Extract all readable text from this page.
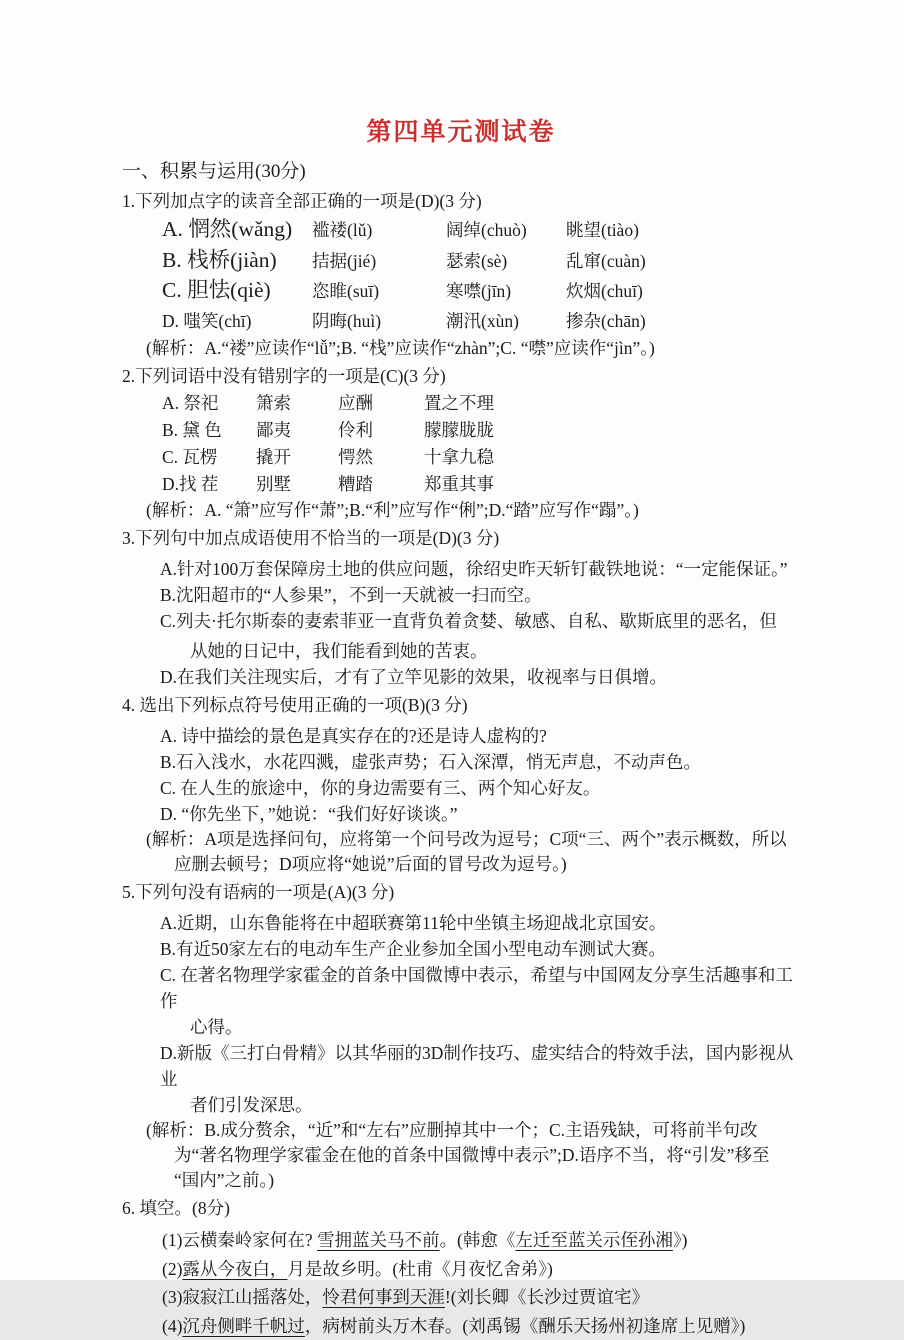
第四单元测试卷
一、积累与运用(30分)
1.下列加点字的读音全部正确的一项是(D)(3 分)
A. 惘然(wǎng)	褴褛(lǔ)	阔绰(chuò)	眺望(tiào)
B. 栈桥(jiàn)	拮据(jié)	瑟索(sè)	乱窜(cuàn)
C. 胆怯(qiè)	恣睢(suī)	寒噤(jīn)	炊烟(chuī)
D. 嗤笑(chī)	阴晦(huì)	潮汛(xùn)	掺杂(chān)
(解析：A.“褛”应读作“lǚ”;B. “栈”应读作“zhàn”;C. “噤”应读作“jìn”。)
2.下列词语中没有错别字的一项是(C)(3 分)
A. 祭祀	箫索	应酬	置之不理
B. 黛 色	鄙夷	伶利	朦朦胧胧
C. 瓦楞	撬开	愕然	十拿九稳
D.找 茬	别墅	糟踏	郑重其事
(解析：A. “箫”应写作“萧”;B.“利”应写作“俐”;D.“踏”应写作“蹋”。)
3.下列句中加点成语使用不恰当的一项是(D)(3 分)
A.针对100万套保障房土地的供应问题，徐绍史昨天斩钉截铁地说：“一定能保证。”
B.沈阳超市的“人参果”，不到一天就被一扫而空。
C.列夫·托尔斯泰的妻索菲亚一直背负着贪婪、敏感、自私、歇斯底里的恶名，但
从她的日记中，我们能看到她的苦衷。
D.在我们关注现实后，才有了立竿见影的效果，收视率与日俱增。
4. 选出下列标点符号使用正确的一项(B)(3 分)
A. 诗中描绘的景色是真实存在的?还是诗人虚构的?
B.石入浅水，水花四溅，虚张声势；石入深潭，悄无声息，不动声色。
C. 在人生的旅途中，你的身边需要有三、两个知心好友。
D. “你先坐下，”她说：“我们好好谈谈。”
(解析：A项是选择问句，应将第一个问号改为逗号；C项“三、两个”表示概数，所以
应删去顿号；D项应将“她说”后面的冒号改为逗号。)
5.下列句没有语病的一项是(A)(3 分)
A.近期，山东鲁能将在中超联赛第11轮中坐镇主场迎战北京国安。
B.有近50家左右的电动车生产企业参加全国小型电动车测试大赛。
C. 在著名物理学家霍金的首条中国微博中表示，希望与中国网友分享生活趣事和工作
心得。
D.新版《三打白骨精》以其华丽的3D制作技巧、虚实结合的特效手法，国内影视从业
者们引发深思。
(解析：B.成分赘余，“近”和“左右”应删掉其中一个；C.主语残缺，可将前半句改
为“著名物理学家霍金在他的首条中国微博中表示”;D.语序不当，将“引发”移至
“国内”之前。)
6. 填空。(8分)
(1)云横秦岭家何在? 雪拥蓝关马不前。(韩愈《左迁至蓝关示侄孙湘》)
(2)露从今夜白，月是故乡明。(杜甫《月夜忆舍弟》)
(3)寂寂江山摇落处，怜君何事到天涯!(刘长卿《长沙过贾谊宅》
(4)沉舟侧畔千帆过，病树前头万木春。(刘禹锡《酬乐天扬州初逢席上见赠》)
